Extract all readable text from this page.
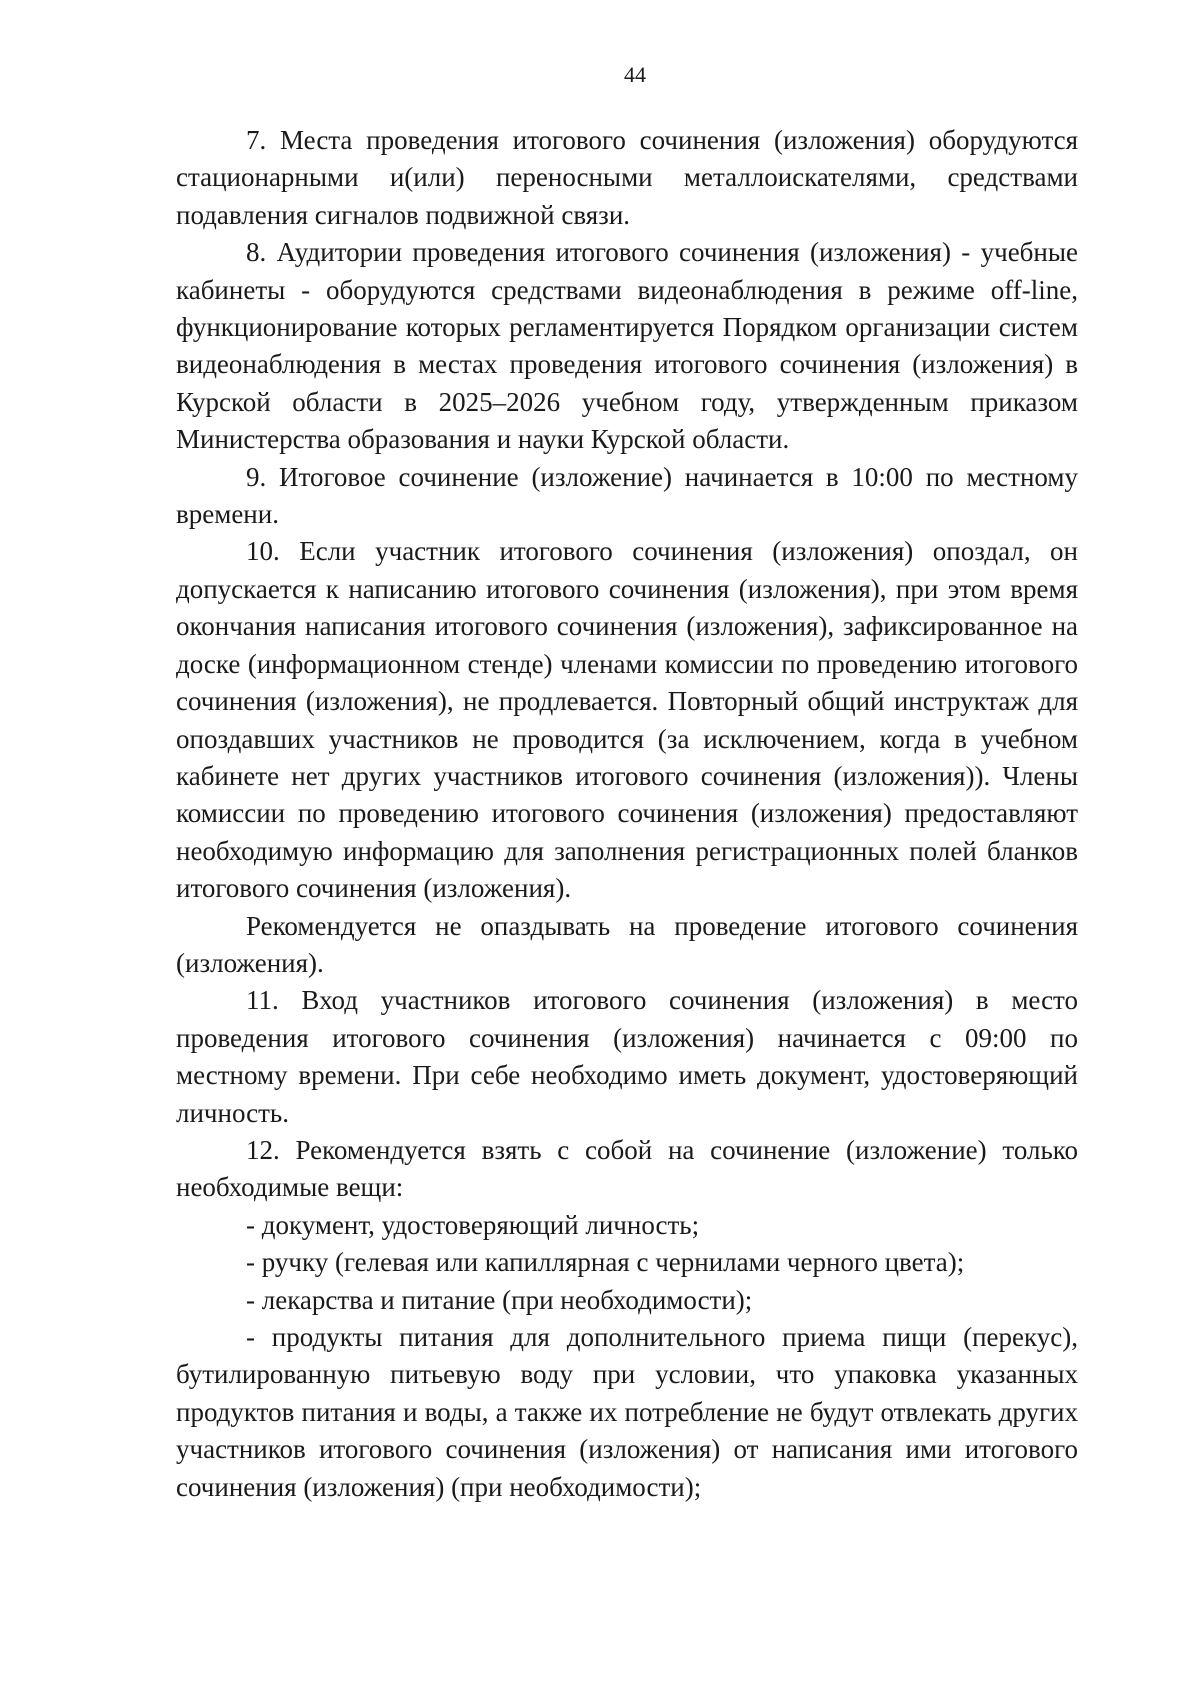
44

7. Места проведения итогового сочинения (изложения) оборудуются стационарными и(или) переносными металлоискателями, средствами подавления сигналов подвижной связи.

8. Аудитории проведения итогового сочинения (изложения) - учебные кабинеты - оборудуются средствами видеонаблюдения в режиме off-line, функционирование которых регламентируется Порядком организации систем видеонаблюдения в местах проведения итогового сочинения (изложения) в Курской области в 2025–2026 учебном году, утвержденным приказом Министерства образования и науки Курской области.

9. Итоговое сочинение (изложение) начинается в 10:00 по местному времени.

10. Если участник итогового сочинения (изложения) опоздал, он допускается к написанию итогового сочинения (изложения), при этом время окончания написания итогового сочинения (изложения), зафиксированное на доске (информационном стенде) членами комиссии по проведению итогового сочинения (изложения), не продлевается. Повторный общий инструктаж для опоздавших участников не проводится (за исключением, когда в учебном кабинете нет других участников итогового сочинения (изложения)). Члены комиссии по проведению итогового сочинения (изложения) предоставляют необходимую информацию для заполнения регистрационных полей бланков итогового сочинения (изложения).

Рекомендуется не опаздывать на проведение итогового сочинения (изложения).

11. Вход участников итогового сочинения (изложения) в место проведения итогового сочинения (изложения) начинается с 09:00 по местному времени. При себе необходимо иметь документ, удостоверяющий личность.

12. Рекомендуется взять с собой на сочинение (изложение) только необходимые вещи:

- документ, удостоверяющий личность;

- ручку (гелевая или капиллярная с чернилами черного цвета);

- лекарства и питание (при необходимости);

- продукты питания для дополнительного приема пищи (перекус), бутилированную питьевую воду при условии, что упаковка указанных продуктов питания и воды, а также их потребление не будут отвлекать других участников итогового сочинения (изложения) от написания ими итогового сочинения (изложения) (при необходимости);
